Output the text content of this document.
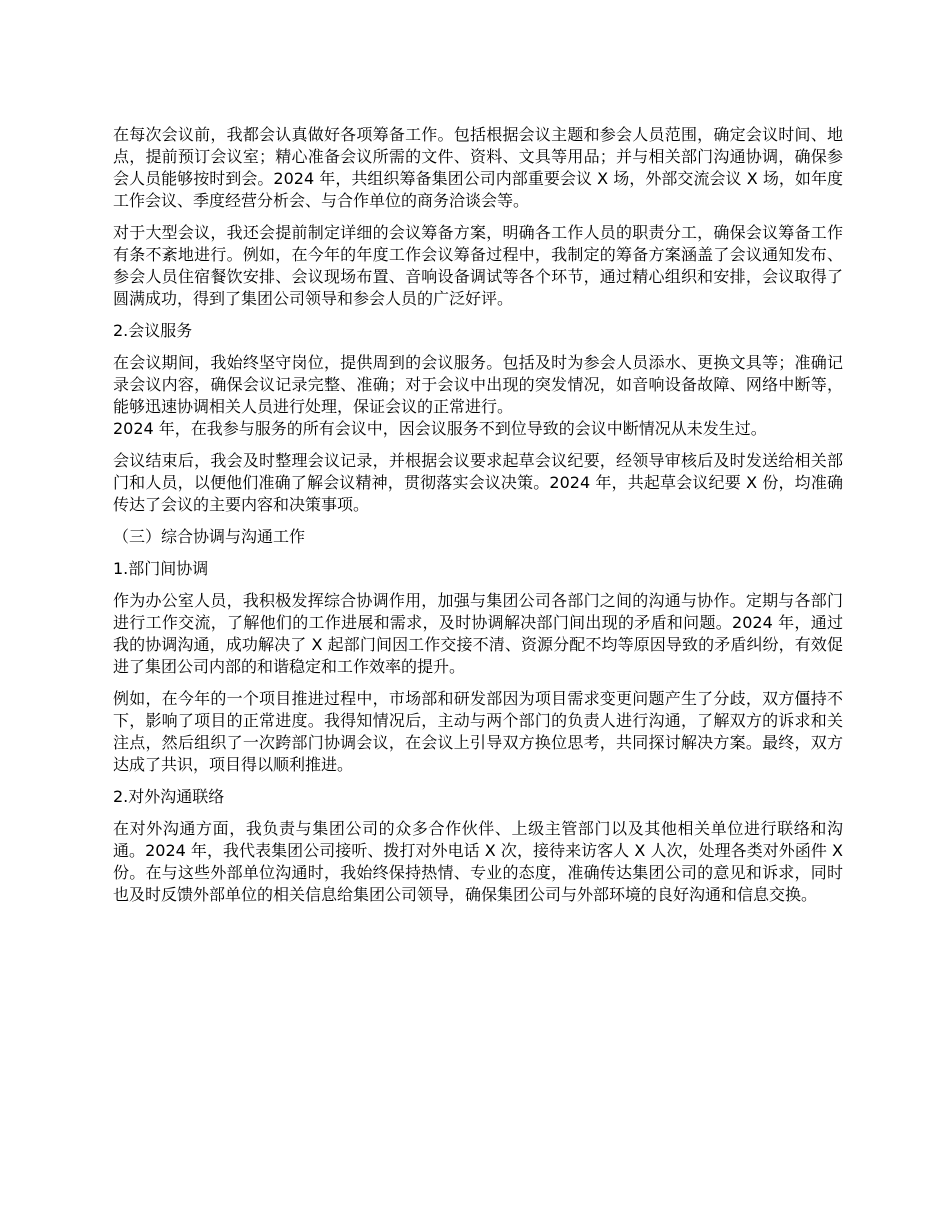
在每次会议前，我都会认真做好各项筹备工作。包括根据会议主题和参会人员范围，确定会议时间、地点，提前预订会议室；精心准备会议所需的文件、资料、文具等用品；并与相关部门沟通协调，确保参会人员能够按时到会。2024 年，共组织筹备集团公司内部重要会议 X 场，外部交流会议 X 场，如年度工作会议、季度经营分析会、与合作单位的商务洽谈会等。

对于大型会议，我还会提前制定详细的会议筹备方案，明确各工作人员的职责分工，确保会议筹备工作有条不紊地进行。例如，在今年的年度工作会议筹备过程中，我制定的筹备方案涵盖了会议通知发布、参会人员住宿餐饮安排、会议现场布置、音响设备调试等各个环节，通过精心组织和安排，会议取得了圆满成功，得到了集团公司领导和参会人员的广泛好评。

2.会议服务

在会议期间，我始终坚守岗位，提供周到的会议服务。包括及时为参会人员添水、更换文具等；准确记录会议内容，确保会议记录完整、准确；对于会议中出现的突发情况，如音响设备故障、网络中断等，能够迅速协调相关人员进行处理，保证会议的正常进行。

2024 年，在我参与服务的所有会议中，因会议服务不到位导致的会议中断情况从未发生过。

会议结束后，我会及时整理会议记录，并根据会议要求起草会议纪要，经领导审核后及时发送给相关部门和人员，以便他们准确了解会议精神，贯彻落实会议决策。2024 年，共起草会议纪要 X 份，均准确传达了会议的主要内容和决策事项。

（三）综合协调与沟通工作

1.部门间协调

作为办公室人员，我积极发挥综合协调作用，加强与集团公司各部门之间的沟通与协作。定期与各部门进行工作交流，了解他们的工作进展和需求，及时协调解决部门间出现的矛盾和问题。2024 年，通过我的协调沟通，成功解决了 X 起部门间因工作交接不清、资源分配不均等原因导致的矛盾纠纷，有效促进了集团公司内部的和谐稳定和工作效率的提升。

例如，在今年的一个项目推进过程中，市场部和研发部因为项目需求变更问题产生了分歧，双方僵持不下，影响了项目的正常进度。我得知情况后，主动与两个部门的负责人进行沟通，了解双方的诉求和关注点，然后组织了一次跨部门协调会议，在会议上引导双方换位思考，共同探讨解决方案。最终，双方达成了共识，项目得以顺利推进。

2.对外沟通联络

在对外沟通方面，我负责与集团公司的众多合作伙伴、上级主管部门以及其他相关单位进行联络和沟通。2024 年，我代表集团公司接听、拨打对外电话 X 次，接待来访客人 X 人次，处理各类对外函件 X 份。在与这些外部单位沟通时，我始终保持热情、专业的态度，准确传达集团公司的意见和诉求，同时也及时反馈外部单位的相关信息给集团公司领导，确保集团公司与外部环境的良好沟通和信息交换。
